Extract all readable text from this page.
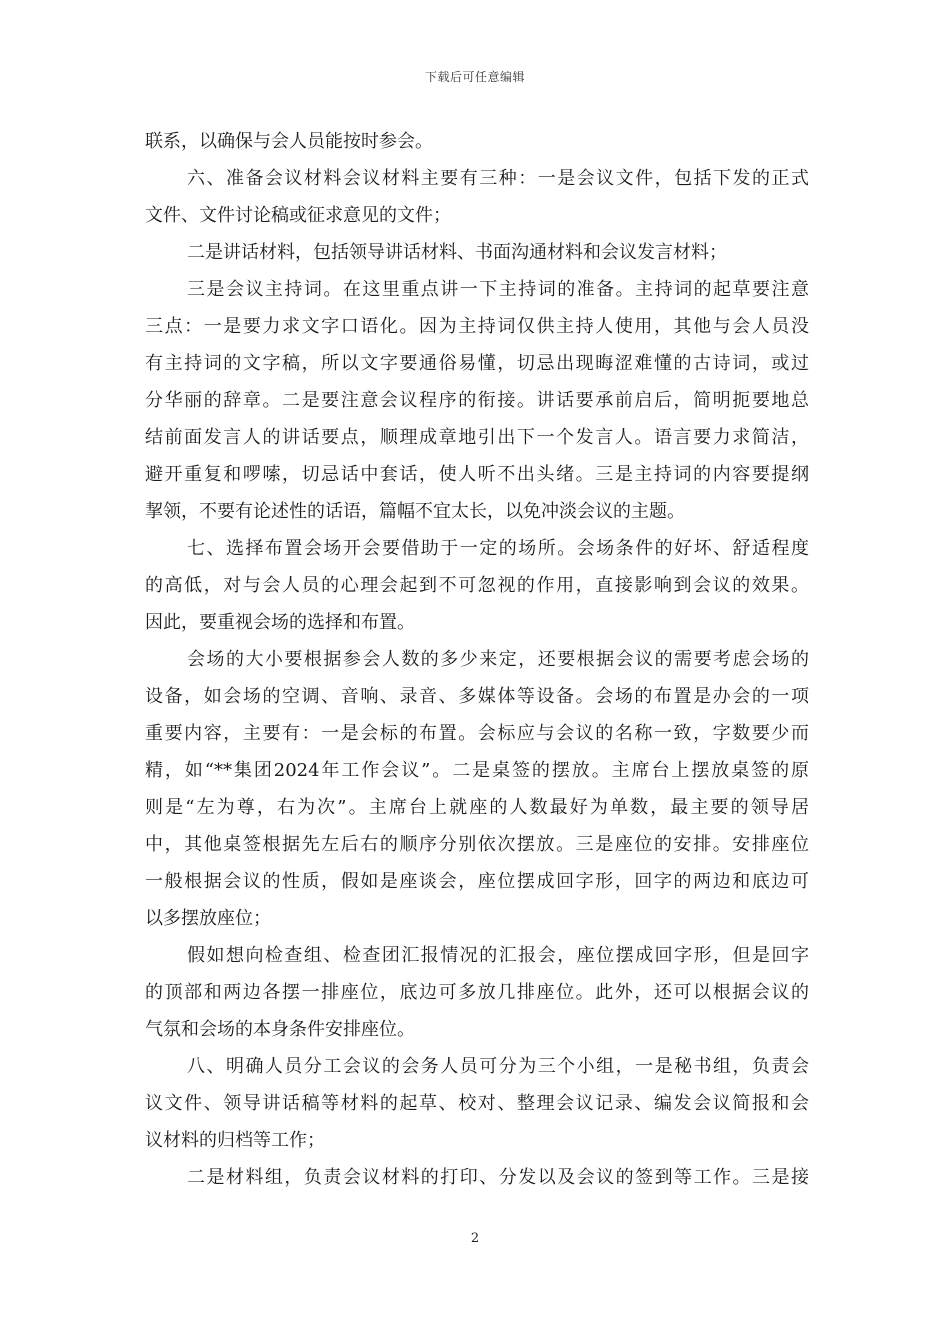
下载后可任意编辑
联系，以确保与会人员能按时参会。
六、准备会议材料会议材料主要有三种：一是会议文件，包括下发的正式
文件、文件讨论稿或征求意见的文件；
二是讲话材料，包括领导讲话材料、书面沟通材料和会议发言材料；
三是会议主持词。在这里重点讲一下主持词的准备。主持词的起草要注意
三点：一是要力求文字口语化。因为主持词仅供主持人使用，其他与会人员没
有主持词的文字稿，所以文字要通俗易懂，切忌出现晦涩难懂的古诗词，或过
分华丽的辞章。二是要注意会议程序的衔接。讲话要承前启后，简明扼要地总
结前面发言人的讲话要点，顺理成章地引出下一个发言人。语言要力求简洁，
避开重复和啰嗦，切忌话中套话，使人听不出头绪。三是主持词的内容要提纲
挈领，不要有论述性的话语，篇幅不宜太长，以免冲淡会议的主题。
七、选择布置会场开会要借助于一定的场所。会场条件的好坏、舒适程度
的高低，对与会人员的心理会起到不可忽视的作用，直接影响到会议的效果。
因此，要重视会场的选择和布置。
会场的大小要根据参会人数的多少来定，还要根据会议的需要考虑会场的
设备，如会场的空调、音响、录音、多媒体等设备。会场的布置是办会的一项
重要内容，主要有：一是会标的布置。会标应与会议的名称一致，字数要少而
精，如“**集团2024年工作会议”。二是桌签的摆放。主席台上摆放桌签的原
则是“左为尊，右为次”。主席台上就座的人数最好为单数，最主要的领导居
中，其他桌签根据先左后右的顺序分别依次摆放。三是座位的安排。安排座位
一般根据会议的性质，假如是座谈会，座位摆成回字形，回字的两边和底边可
以多摆放座位；
假如想向检查组、检查团汇报情况的汇报会，座位摆成回字形，但是回字
的顶部和两边各摆一排座位，底边可多放几排座位。此外，还可以根据会议的
气氛和会场的本身条件安排座位。
八、明确人员分工会议的会务人员可分为三个小组，一是秘书组，负责会
议文件、领导讲话稿等材料的起草、校对、整理会议记录、编发会议简报和会
议材料的归档等工作；
二是材料组，负责会议材料的打印、分发以及会议的签到等工作。三是接
2
